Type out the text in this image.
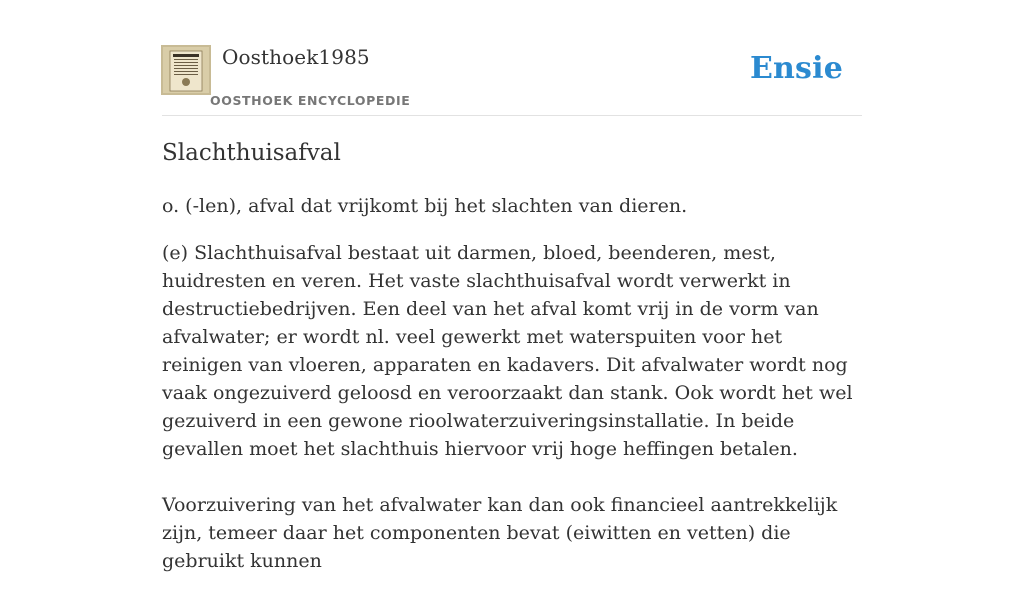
Oosthoek1985
OOSTHOEK ENCYCLOPEDIE
Ensie
Slachthuisafval

o. (-len), afval dat vrijkomt bij het slachten van dieren.

(e) Slachthuisafval bestaat uit darmen, bloed, beenderen, mest, huidresten en veren. Het vaste slachthuisafval wordt verwerkt in destructiebedrijven. Een deel van het afval komt vrij in de vorm van afvalwater; er wordt nl. veel gewerkt met waterspuiten voor het reinigen van vloeren, apparaten en kadavers. Dit afvalwater wordt nog vaak ongezuiverd geloosd en veroorzaakt dan stank. Ook wordt het wel gezuiverd in een gewone rioolwaterzuiveringsinstallatie. In beide gevallen moet het slachthuis hiervoor vrij hoge heffingen betalen.

Voorzuivering van het afvalwater kan dan ook financieel aantrekkelijk zijn, temeer daar het componenten bevat (eiwitten en vetten) die gebruikt kunnen
